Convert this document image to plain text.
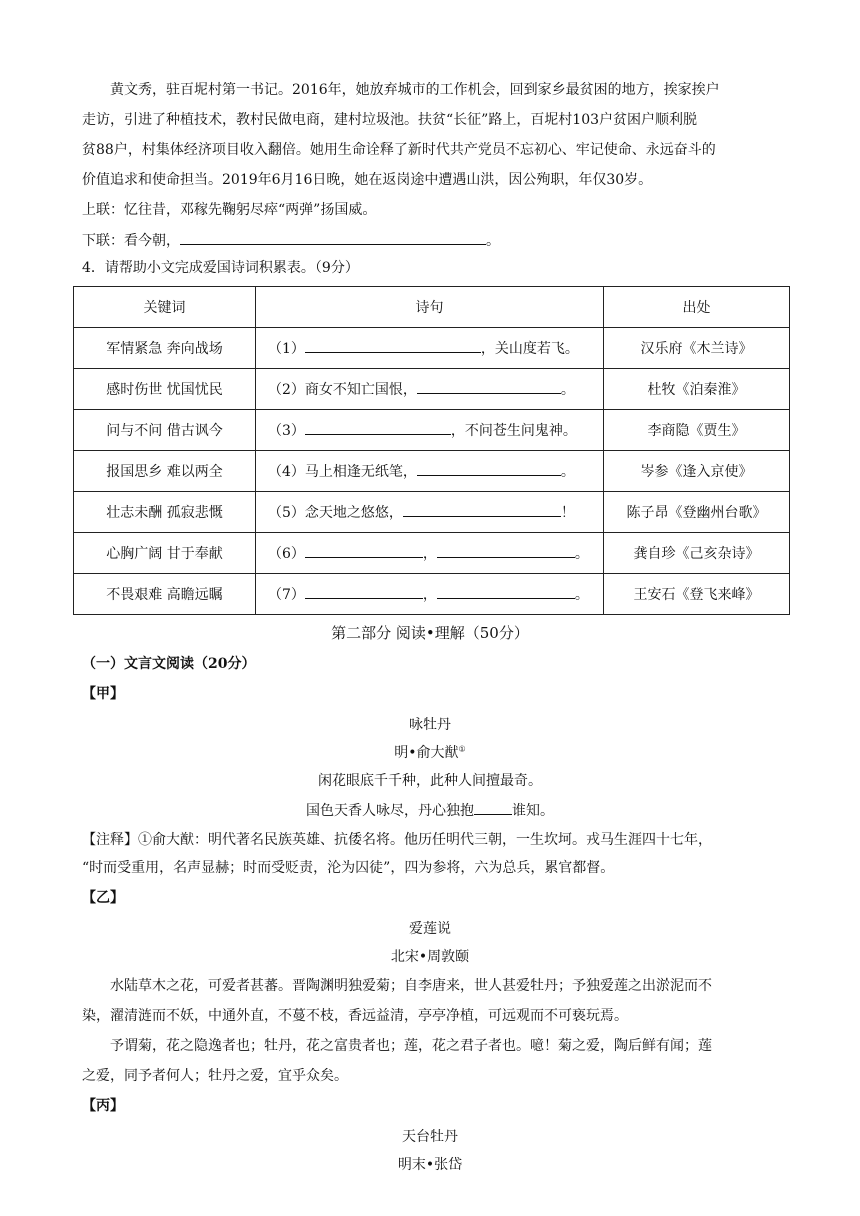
黄文秀，驻百坭村第一书记。2016年，她放弃城市的工作机会，回到家乡最贫困的地方，挨家挨户
走访，引进了种植技术，教村民做电商，建村垃圾池。扶贫“长征”路上，百坭村103户贫困户顺利脱
贫88户，村集体经济项目收入翻倍。她用生命诠释了新时代共产党员不忘初心、牢记使命、永远奋斗的
价值追求和使命担当。2019年6月16日晚，她在返岗途中遭遇山洪，因公殉职，年仅30岁。
上联：忆往昔，邓稼先鞠躬尽瘁“两弹”扬国威。
下联：看今朝，	。
4．请帮助小文完成爱国诗词积累表。（9分）
关键词	诗句	出处
军情紧急 奔向战场	（1） ，关山度若飞。	汉乐府《木兰诗》
感时伤世 忧国忧民	（2）商女不知亡国恨， 。	杜牧《泊秦淮》
问与不问 借古讽今	（3） ，不问苍生问鬼神。	李商隐《贾生》
报国思乡 难以两全	（4）马上相逢无纸笔， 。	岑参《逢入京使》
壮志未酬 孤寂悲慨	（5）念天地之悠悠， ！	陈子昂《登幽州台歌》
心胸广阔 甘于奉献	（6） ， 。	龚自珍《己亥杂诗》
不畏艰难 高瞻远瞩	（7） ， 。	王安石《登飞来峰》
第二部分 阅读•理解（50分）
（一）文言文阅读（20分）
【甲】
咏牡丹
明•俞大猷①
闲花眼底千千种，此种人间擅最奇。
国色天香人咏尽，丹心独抱	谁知。
【注释】①俞大猷：明代著名民族英雄、抗倭名将。他历任明代三朝，一生坎坷。戎马生涯四十七年，
“时而受重用，名声显赫；时而受贬责，沦为囚徒”，四为参将，六为总兵，累官都督。
【乙】
爱莲说
北宋•周敦颐
水陆草木之花，可爱者甚蕃。晋陶渊明独爱菊；自李唐来，世人甚爱牡丹；予独爱莲之出淤泥而不
染，濯清涟而不妖，中通外直，不蔓不枝，香远益清，亭亭净植，可远观而不可亵玩焉。
予谓菊，花之隐逸者也；牡丹，花之富贵者也；莲，花之君子者也。噫！菊之爱，陶后鲜有闻；莲
之爱，同予者何人；牡丹之爱，宜乎众矣。
【丙】
天台牡丹
明末•张岱
